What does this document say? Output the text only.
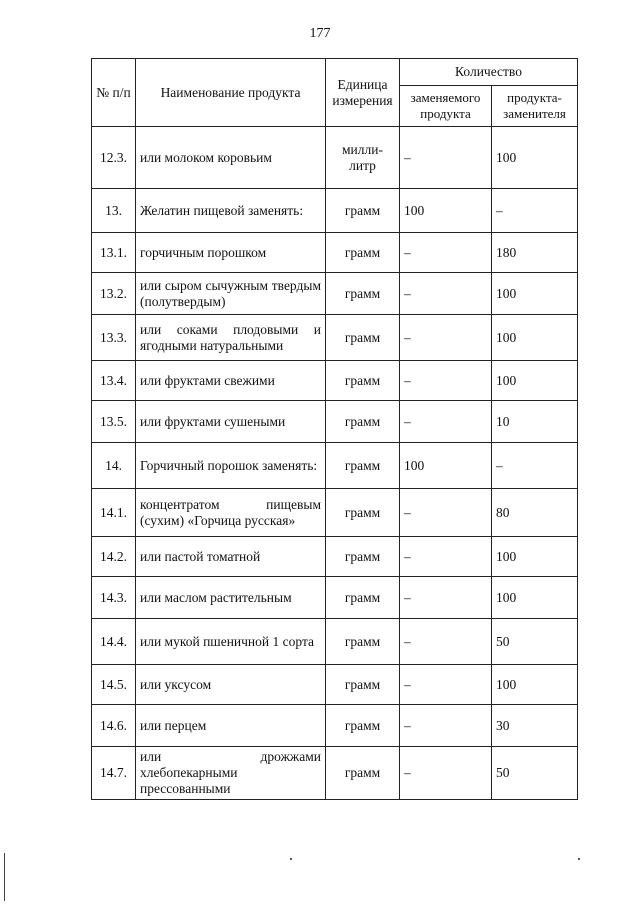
177
№ п/п	Наименование продукта	Единица измерения	Количество	
			заменяемого продукта	продукта-заменителя
12.3.	или молоком коровьим	милли-литр	–	100
13.	Желатин пищевой заменять:	грамм	100	–
13.1.	горчичным порошком	грамм	–	180
13.2.	или сыром сычужным твердым (полутвердым)	грамм	–	100
13.3.	или соками плодовыми и ягодными натуральными	грамм	–	100
13.4.	или фруктами свежими	грамм	–	100
13.5.	или фруктами сушеными	грамм	–	10
14.	Горчичный порошок заменять:	грамм	100	–
14.1.	концентратом пищевым (сухим) «Горчица русская»	грамм	–	80
14.2.	или пастой томатной	грамм	–	100
14.3.	или маслом растительным	грамм	–	100
14.4.	или мукой пшеничной 1 сорта	грамм	–	50
14.5.	или уксусом	грамм	–	100
14.6.	или перцем	грамм	–	30
14.7.	или дрожжами хлебопекарными прессованными	грамм	–	50
